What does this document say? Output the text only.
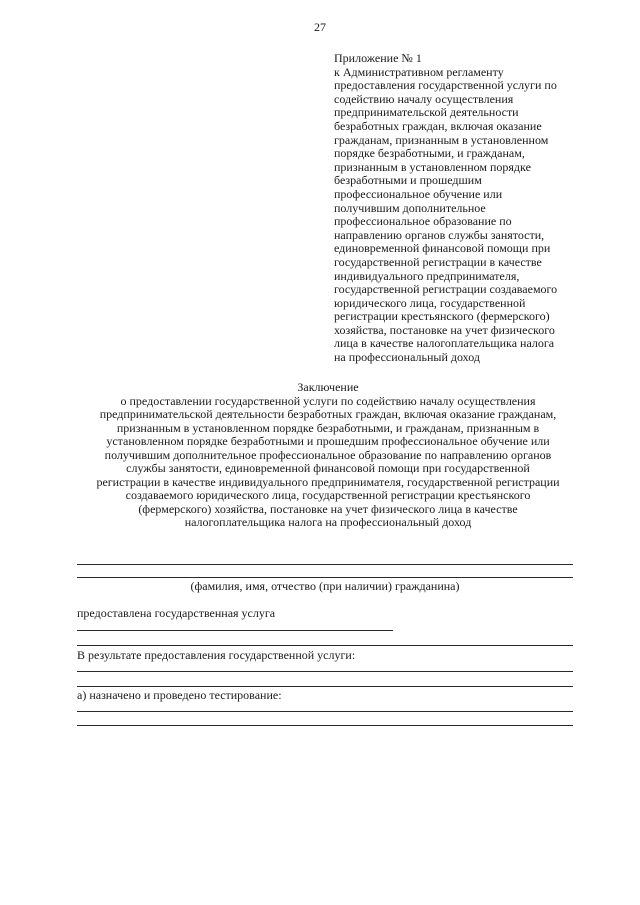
27
Приложение № 1
к Административном регламенту
предоставления государственной услуги по
содействию началу осуществления
предпринимательской деятельности
безработных граждан, включая оказание
гражданам, признанным в установленном
порядке безработными, и гражданам,
признанным в установленном порядке
безработными и прошедшим
профессиональное обучение или
получившим дополнительное
профессиональное образование по
направлению органов службы занятости,
единовременной финансовой помощи при
государственной регистрации в качестве
индивидуального предпринимателя,
государственной регистрации создаваемого
юридического лица, государственной
регистрации крестьянского (фермерского)
хозяйства, постановке на учет физического
лица в качестве налогоплательщика налога
на профессиональный доход
Заключение
о предоставлении государственной услуги по содействию началу осуществления
предпринимательской деятельности безработных граждан, включая оказание гражданам,
признанным в установленном порядке безработными, и гражданам, признанным в
установленном порядке безработными и прошедшим профессиональное обучение или
получившим дополнительное профессиональное образование по направлению органов
службы занятости, единовременной финансовой помощи при государственной
регистрации в качестве индивидуального предпринимателя, государственной регистрации
создаваемого юридического лица, государственной регистрации крестьянского
(фермерского) хозяйства, постановке на учет физического лица в качестве
налогоплательщика налога на профессиональный доход
(фамилия, имя, отчество (при наличии) гражданина)
предоставлена государственная услуга
В результате предоставления государственной услуги:
а) назначено и проведено тестирование:
